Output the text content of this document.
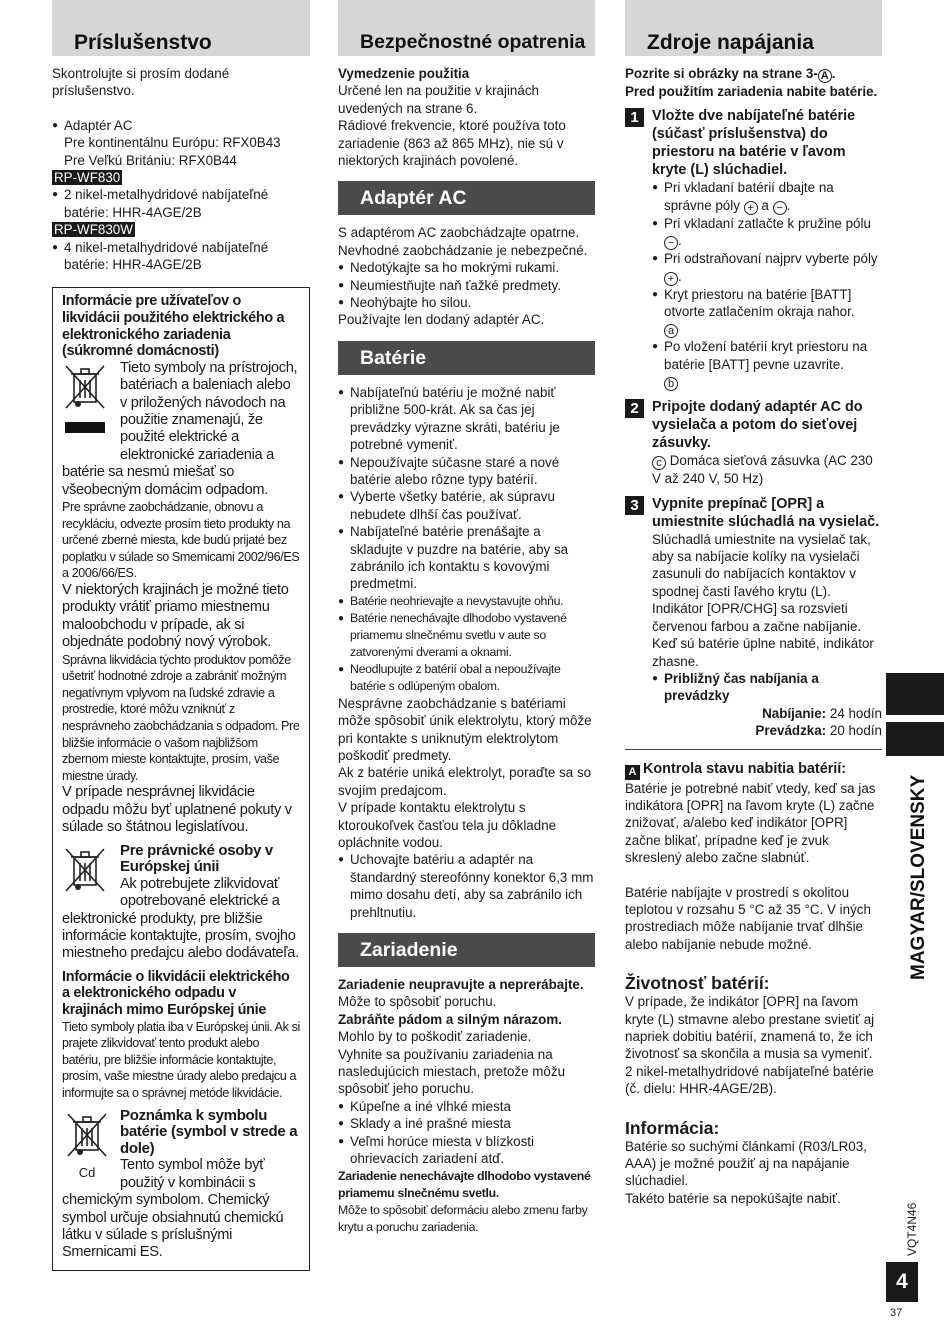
Príslušenstvo

Skontrolujte si prosím dodané príslušenstvo.

● Adaptér AC

Pre kontinentálnu Európu: RFX0B43

Pre Veľkú Britániu: RFX0B44

RP-WF830

● 2 nikel-metalhydridové nabíjateľné batérie: HHR-4AGE/2B

RP-WF830W

● 4 nikel-metalhydridové nabíjateľné batérie: HHR-4AGE/2B

Informácie pre užívateľov o likvidácii použitého elektrického a elektronického zariadenia (súkromné domácnosti)

Tieto symboly na prístrojoch, batériach a baleniach alebo v priložených návodoch na použitie znamenajú, že použité elektrické a elektronické zariadenia a batérie sa nesmú miešať so všeobecným domácim odpadom.

Pre správne zaobchádzanie, obnovu a recykláciu, odvezte prosím tieto produkty na určené zberné miesta, kde budú prijaté bez poplatku v súlade so Smernicami 2002/96/ES a 2006/66/ES.

V niektorých krajinách je možné tieto produkty vrátiť priamo miestnemu maloobchodu v prípade, ak si objednáte podobný nový výrobok.

Správna likvidácia týchto produktov pomôže ušetriť hodnotné zdroje a zabrániť možným negatívnym vplyvom na ľudské zdravie a prostredie, ktoré môžu vzniknúť z nesprávneho zaobchádzania s odpadom. Pre bližšie informácie o vašom najbližšom zbernom mieste kontaktujte, prosím, vaše miestne úrady.

V prípade nesprávnej likvidácie odpadu môžu byť uplatnené pokuty v súlade so štátnou legislatívou.

Pre právnické osoby v Európskej únii

Ak potrebujete zlikvidovať opotrebované elektrické a elektronické produkty, pre bližšie informácie kontaktujte, prosím, svojho miestneho predajcu alebo dodávateľa.

Informácie o likvidácii elektrického a elektronického odpadu v krajinách mimo Európskej únie

Tieto symboly platia iba v Európskej únii. Ak si prajete zlikvidovať tento produkt alebo batériu, pre bližšie informácie kontaktujte, prosím, vaše miestne úrady alebo predajcu a informujte sa o správnej metóde likvidácie.

Cd

Poznámka k symbolu batérie (symbol v strede a dole)

Tento symbol môže byť použitý v kombinácii s chemickým symbolom. Chemický symbol určuje obsiahnutú chemickú látku v súlade s príslušnými Smernicami ES.

Bezpečnostné opatrenia

Vymedzenie použitia

Určené len na použitie v krajinách uvedených na strane 6.

Rádiové frekvencie, ktoré používa toto zariadenie (863 až 865 MHz), nie sú v niektorých krajinách povolené.

Adaptér AC

S adaptérom AC zaobchádzajte opatrne. Nevhodné zaobchádzanie je nebezpečné.

● Nedotýkajte sa ho mokrými rukami.

● Neumiestňujte naň ťažké predmety.

● Neohýbajte ho silou.

Používajte len dodaný adaptér AC.

Batérie

● Nabíjateľnú batériu je možné nabiť približne 500-krát. Ak sa čas jej prevádzky výrazne skráti, batériu je potrebné vymeniť.

● Nepoužívajte súčasne staré a nové batérie alebo rôzne typy batérií.

● Vyberte všetky batérie, ak súpravu nebudete dlhší čas používať.

● Nabíjateľné batérie prenášajte a skladujte v puzdre na batérie, aby sa zabránilo ich kontaktu s kovovými predmetmi.

● Batérie neohrievajte a nevystavujte ohňu.

● Batérie nenechávajte dlhodobo vystavené priamemu slnečnému svetlu v aute so zatvorenými dverami a oknami.

● Neodlupujte z batérií obal a nepoužívajte batérie s odlúpeným obalom.

Nesprávne zaobchádzanie s batériami môže spôsobiť únik elektrolytu, ktorý môže pri kontakte s uniknutým elektrolytom poškodiť predmety.

Ak z batérie uniká elektrolyt, poraďte sa so svojím predajcom.

V prípade kontaktu elektrolytu s ktoroukoľvek časťou tela ju dôkladne opláchnite vodou.

● Uchovajte batériu a adaptér na štandardný stereofónny konektor 6,3 mm mimo dosahu detí, aby sa zabránilo ich prehltnutiu.

Zariadenie

Zariadenie neupravujte a neprerábajte.

Môže to spôsobiť poruchu.

Zabráňte pádom a silným nárazom.

Mohlo by to poškodiť zariadenie.

Vyhnite sa používaniu zariadenia na nasledujúcich miestach, pretože môžu spôsobiť jeho poruchu.

● Kúpeľne a iné vlhké miesta

● Sklady a iné prašné miesta

● Veľmi horúce miesta v blízkosti ohrievacích zariadení atď.

Zariadenie nenechávajte dlhodobo vystavené priamemu slnečnému svetlu.

Môže to spôsobiť deformáciu alebo zmenu farby krytu a poruchu zariadenia.

Zdroje napájania

Pozrite si obrázky na strane 3- A .

Pred použitím zariadenia nabite batérie.

1 Vložte dve nabíjateľné batérie (súčasť príslušenstva) do priestoru na batérie v ľavom kryte (L) slúchadiel.

● Pri vkladaní batérií dbajte na správne póly + a − .

● Pri vkladaní zatlačte k pružine pólu − .

● Pri odstraňovaní najprv vyberte póly + .

● Kryt priestoru na batérie [BATT] otvorte zatlačením okraja nahor.
a

● Po vložení batérií kryt priestoru na batérie [BATT] pevne uzavrite.
b

2 Pripojte dodaný adaptér AC do vysielača a potom do sieťovej zásuvky.

c Domáca sieťová zásuvka (AC 230 V až 240 V, 50 Hz)

3 Vypnite prepínač [OPR] a umiestnite slúchadlá na vysielač.

Slúchadlá umiestnite na vysielač tak, aby sa nabíjacie kolíky na vysielači zasunuli do nabíjacích kontaktov v spodnej časti ľavého krytu (L).

Indikátor [OPR/CHG] sa rozsvieti červenou farbou a začne nabíjanie. Keď sú batérie úplne nabité, indikátor zhasne.

● Približný čas nabíjania a prevádzky

Nabíjanie: 24 hodín

Prevádzka: 20 hodín

A Kontrola stavu nabitia batérií:

Batérie je potrebné nabiť vtedy, keď sa jas indikátora [OPR] na ľavom kryte (L) začne znižovať, a/alebo keď indikátor [OPR] začne blikať, prípadne keď je zvuk skreslený alebo začne slabnúť.

Batérie nabíjajte v prostredí s okolitou teplotou v rozsahu 5 °C až 35 °C. V iných prostrediach môže nabíjanie trvať dlhšie alebo nabíjanie nebude možné.

Životnosť batérií:

V prípade, že indikátor [OPR] na ľavom kryte (L) stmavne alebo prestane svietiť aj napriek dobitiu batérií, znamená to, že ich životnosť sa skončila a musia sa vymeniť.

2 nikel-metalhydridové nabíjateľné batérie (č. dielu: HHR-4AGE/2B).

Informácia:

Batérie so suchými článkami (R03/LR03, AAA) je možné použiť aj na napájanie slúchadiel.

Takéto batérie sa nepokúšajte nabiť.

MAGYAR/SLOVENSKY
VQT4N46
4
37
